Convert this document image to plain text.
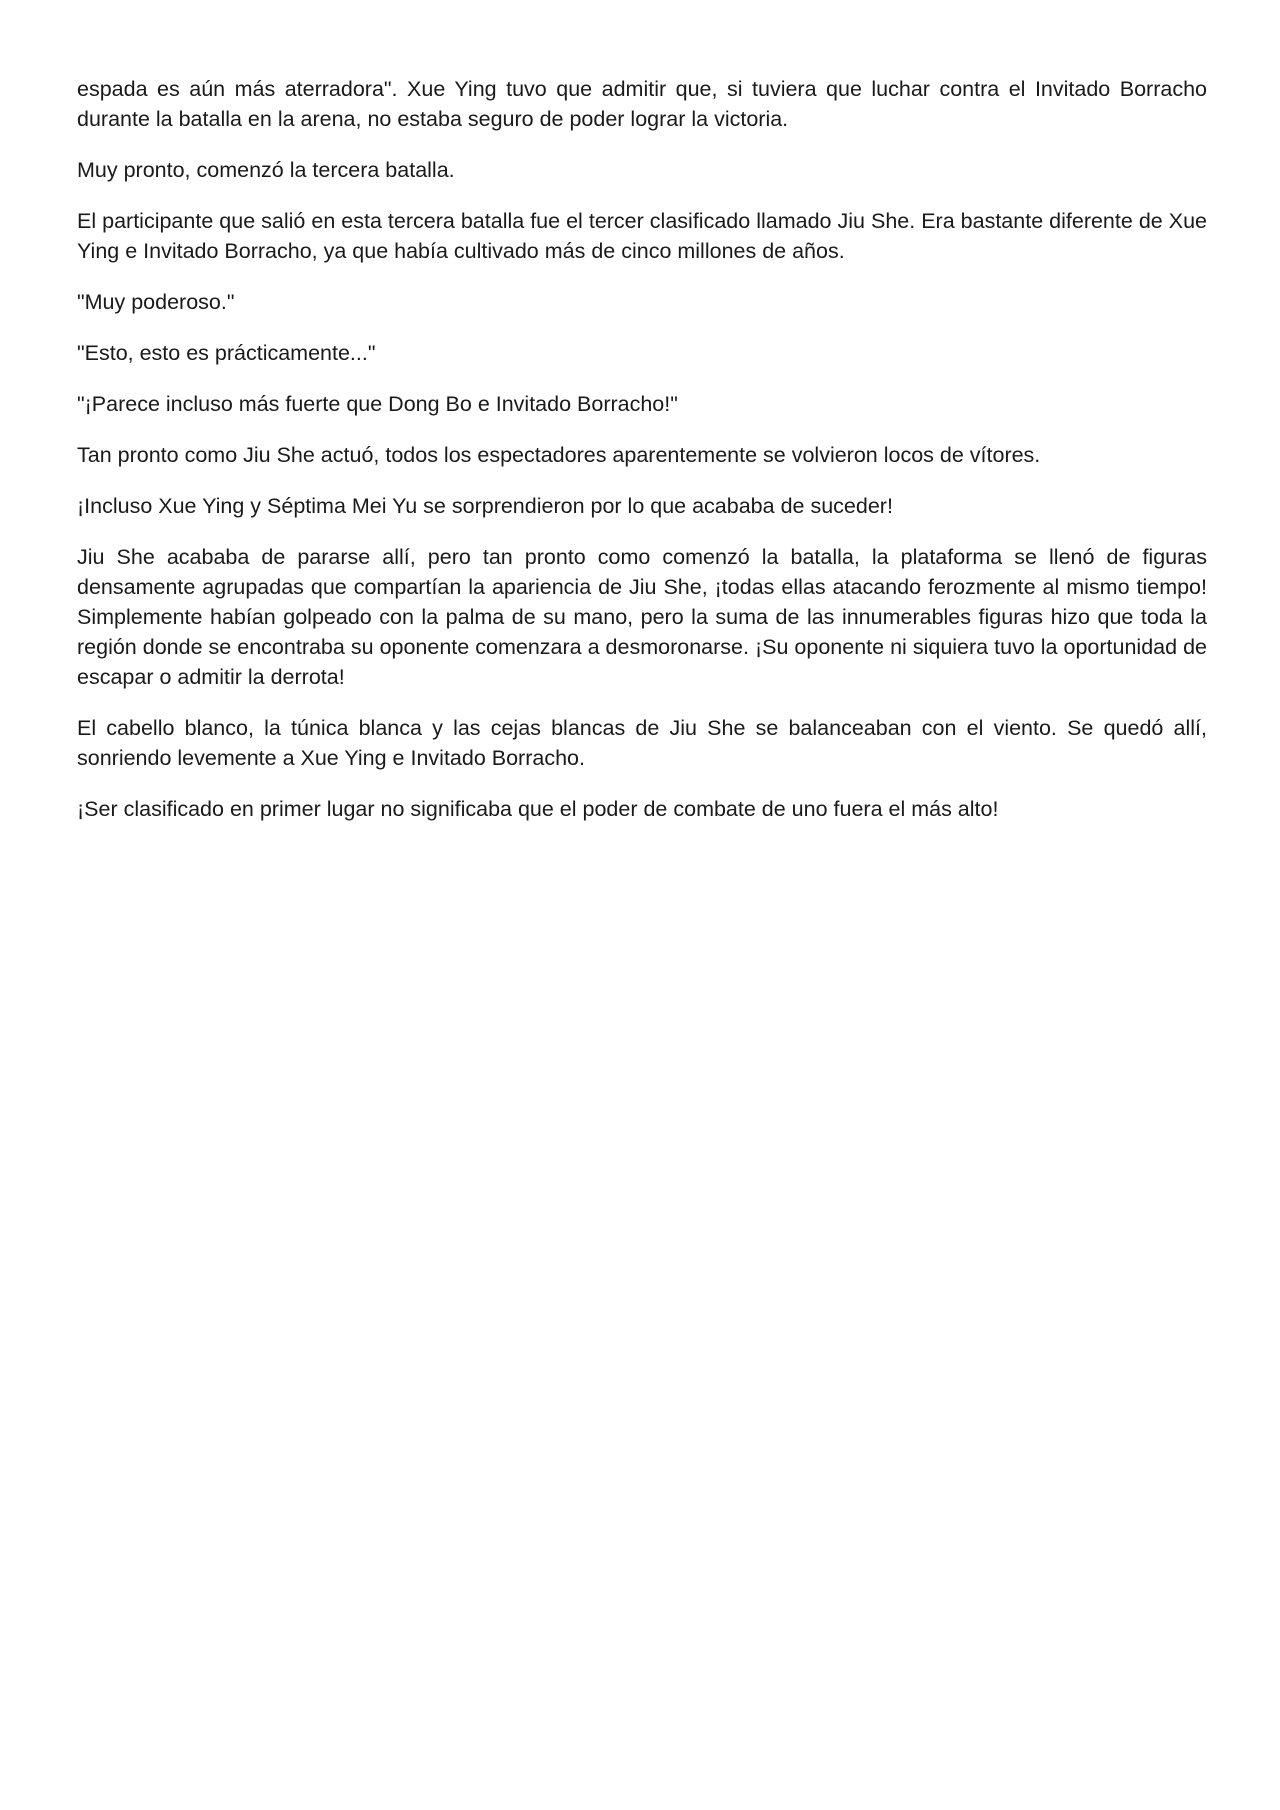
espada es aún más aterradora". Xue Ying tuvo que admitir que, si tuviera que luchar contra el Invitado Borracho durante la batalla en la arena, no estaba seguro de poder lograr la victoria.

Muy pronto, comenzó la tercera batalla.

El participante que salió en esta tercera batalla fue el tercer clasificado llamado Jiu She. Era bastante diferente de Xue Ying e Invitado Borracho, ya que había cultivado más de cinco millones de años.

"Muy poderoso."

"Esto, esto es prácticamente..."

"¡Parece incluso más fuerte que Dong Bo e Invitado Borracho!"

Tan pronto como Jiu She actuó, todos los espectadores aparentemente se volvieron locos de vítores.

¡Incluso Xue Ying y Séptima Mei Yu se sorprendieron por lo que acababa de suceder!

Jiu She acababa de pararse allí, pero tan pronto como comenzó la batalla, la plataforma se llenó de figuras densamente agrupadas que compartían la apariencia de Jiu She, ¡todas ellas atacando ferozmente al mismo tiempo! Simplemente habían golpeado con la palma de su mano, pero la suma de las innumerables figuras hizo que toda la región donde se encontraba su oponente comenzara a desmoronarse. ¡Su oponente ni siquiera tuvo la oportunidad de escapar o admitir la derrota!

El cabello blanco, la túnica blanca y las cejas blancas de Jiu She se balanceaban con el viento. Se quedó allí, sonriendo levemente a Xue Ying e Invitado Borracho.

¡Ser clasificado en primer lugar no significaba que el poder de combate de uno fuera el más alto!
